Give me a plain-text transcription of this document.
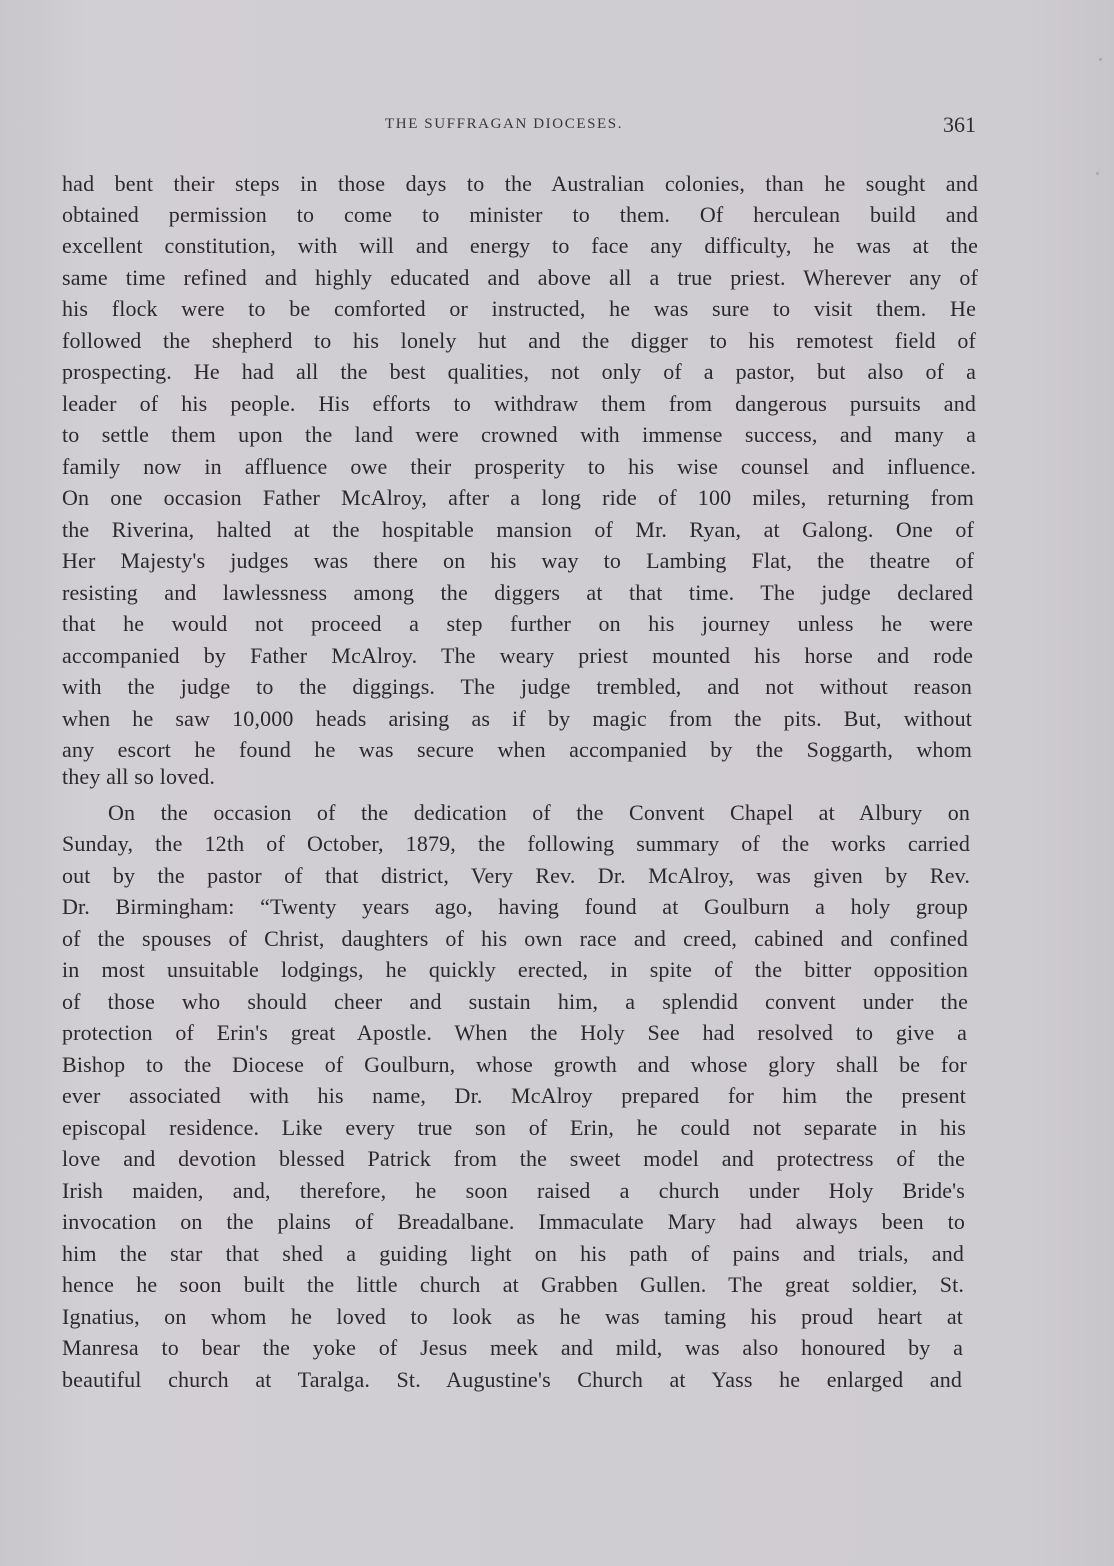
THE SUFFRAGAN DIOCESES.	361
had bent their steps in those days to the Australian colonies, than he sought and
obtained permission to come to minister to them. Of herculean build and
excellent constitution, with will and energy to face any difficulty, he was at the
same time refined and highly educated and above all a true priest. Wherever any of
his flock were to be comforted or instructed, he was sure to visit them. He
followed the shepherd to his lonely hut and the digger to his remotest field of
prospecting. He had all the best qualities, not only of a pastor, but also of a
leader of his people. His efforts to withdraw them from dangerous pursuits and
to settle them upon the land were crowned with immense success, and many a
family now in affluence owe their prosperity to his wise counsel and influence.
On one occasion Father McAlroy, after a long ride of 100 miles, returning from
the Riverina, halted at the hospitable mansion of Mr. Ryan, at Galong. One of
Her Majesty's judges was there on his way to Lambing Flat, the theatre of
resisting and lawlessness among the diggers at that time. The judge declared
that he would not proceed a step further on his journey unless he were
accompanied by Father McAlroy. The weary priest mounted his horse and rode
with the judge to the diggings. The judge trembled, and not without reason
when he saw 10,000 heads arising as if by magic from the pits. But, without
any escort he found he was secure when accompanied by the Soggarth, whom
they all so loved.
On the occasion of the dedication of the Convent Chapel at Albury on
Sunday, the 12th of October, 1879, the following summary of the works carried
out by the pastor of that district, Very Rev. Dr. McAlroy, was given by Rev.
Dr. Birmingham: “Twenty years ago, having found at Goulburn a holy group
of the spouses of Christ, daughters of his own race and creed, cabined and confined
in most unsuitable lodgings, he quickly erected, in spite of the bitter opposition
of those who should cheer and sustain him, a splendid convent under the
protection of Erin's great Apostle. When the Holy See had resolved to give a
Bishop to the Diocese of Goulburn, whose growth and whose glory shall be for
ever associated with his name, Dr. McAlroy prepared for him the present
episcopal residence. Like every true son of Erin, he could not separate in his
love and devotion blessed Patrick from the sweet model and protectress of the
Irish maiden, and, therefore, he soon raised a church under Holy Bride's
invocation on the plains of Breadalbane. Immaculate Mary had always been to
him the star that shed a guiding light on his path of pains and trials, and
hence he soon built the little church at Grabben Gullen. The great soldier, St.
Ignatius, on whom he loved to look as he was taming his proud heart at
Manresa to bear the yoke of Jesus meek and mild, was also honoured by a
beautiful church at Taralga. St. Augustine's Church at Yass he enlarged and
